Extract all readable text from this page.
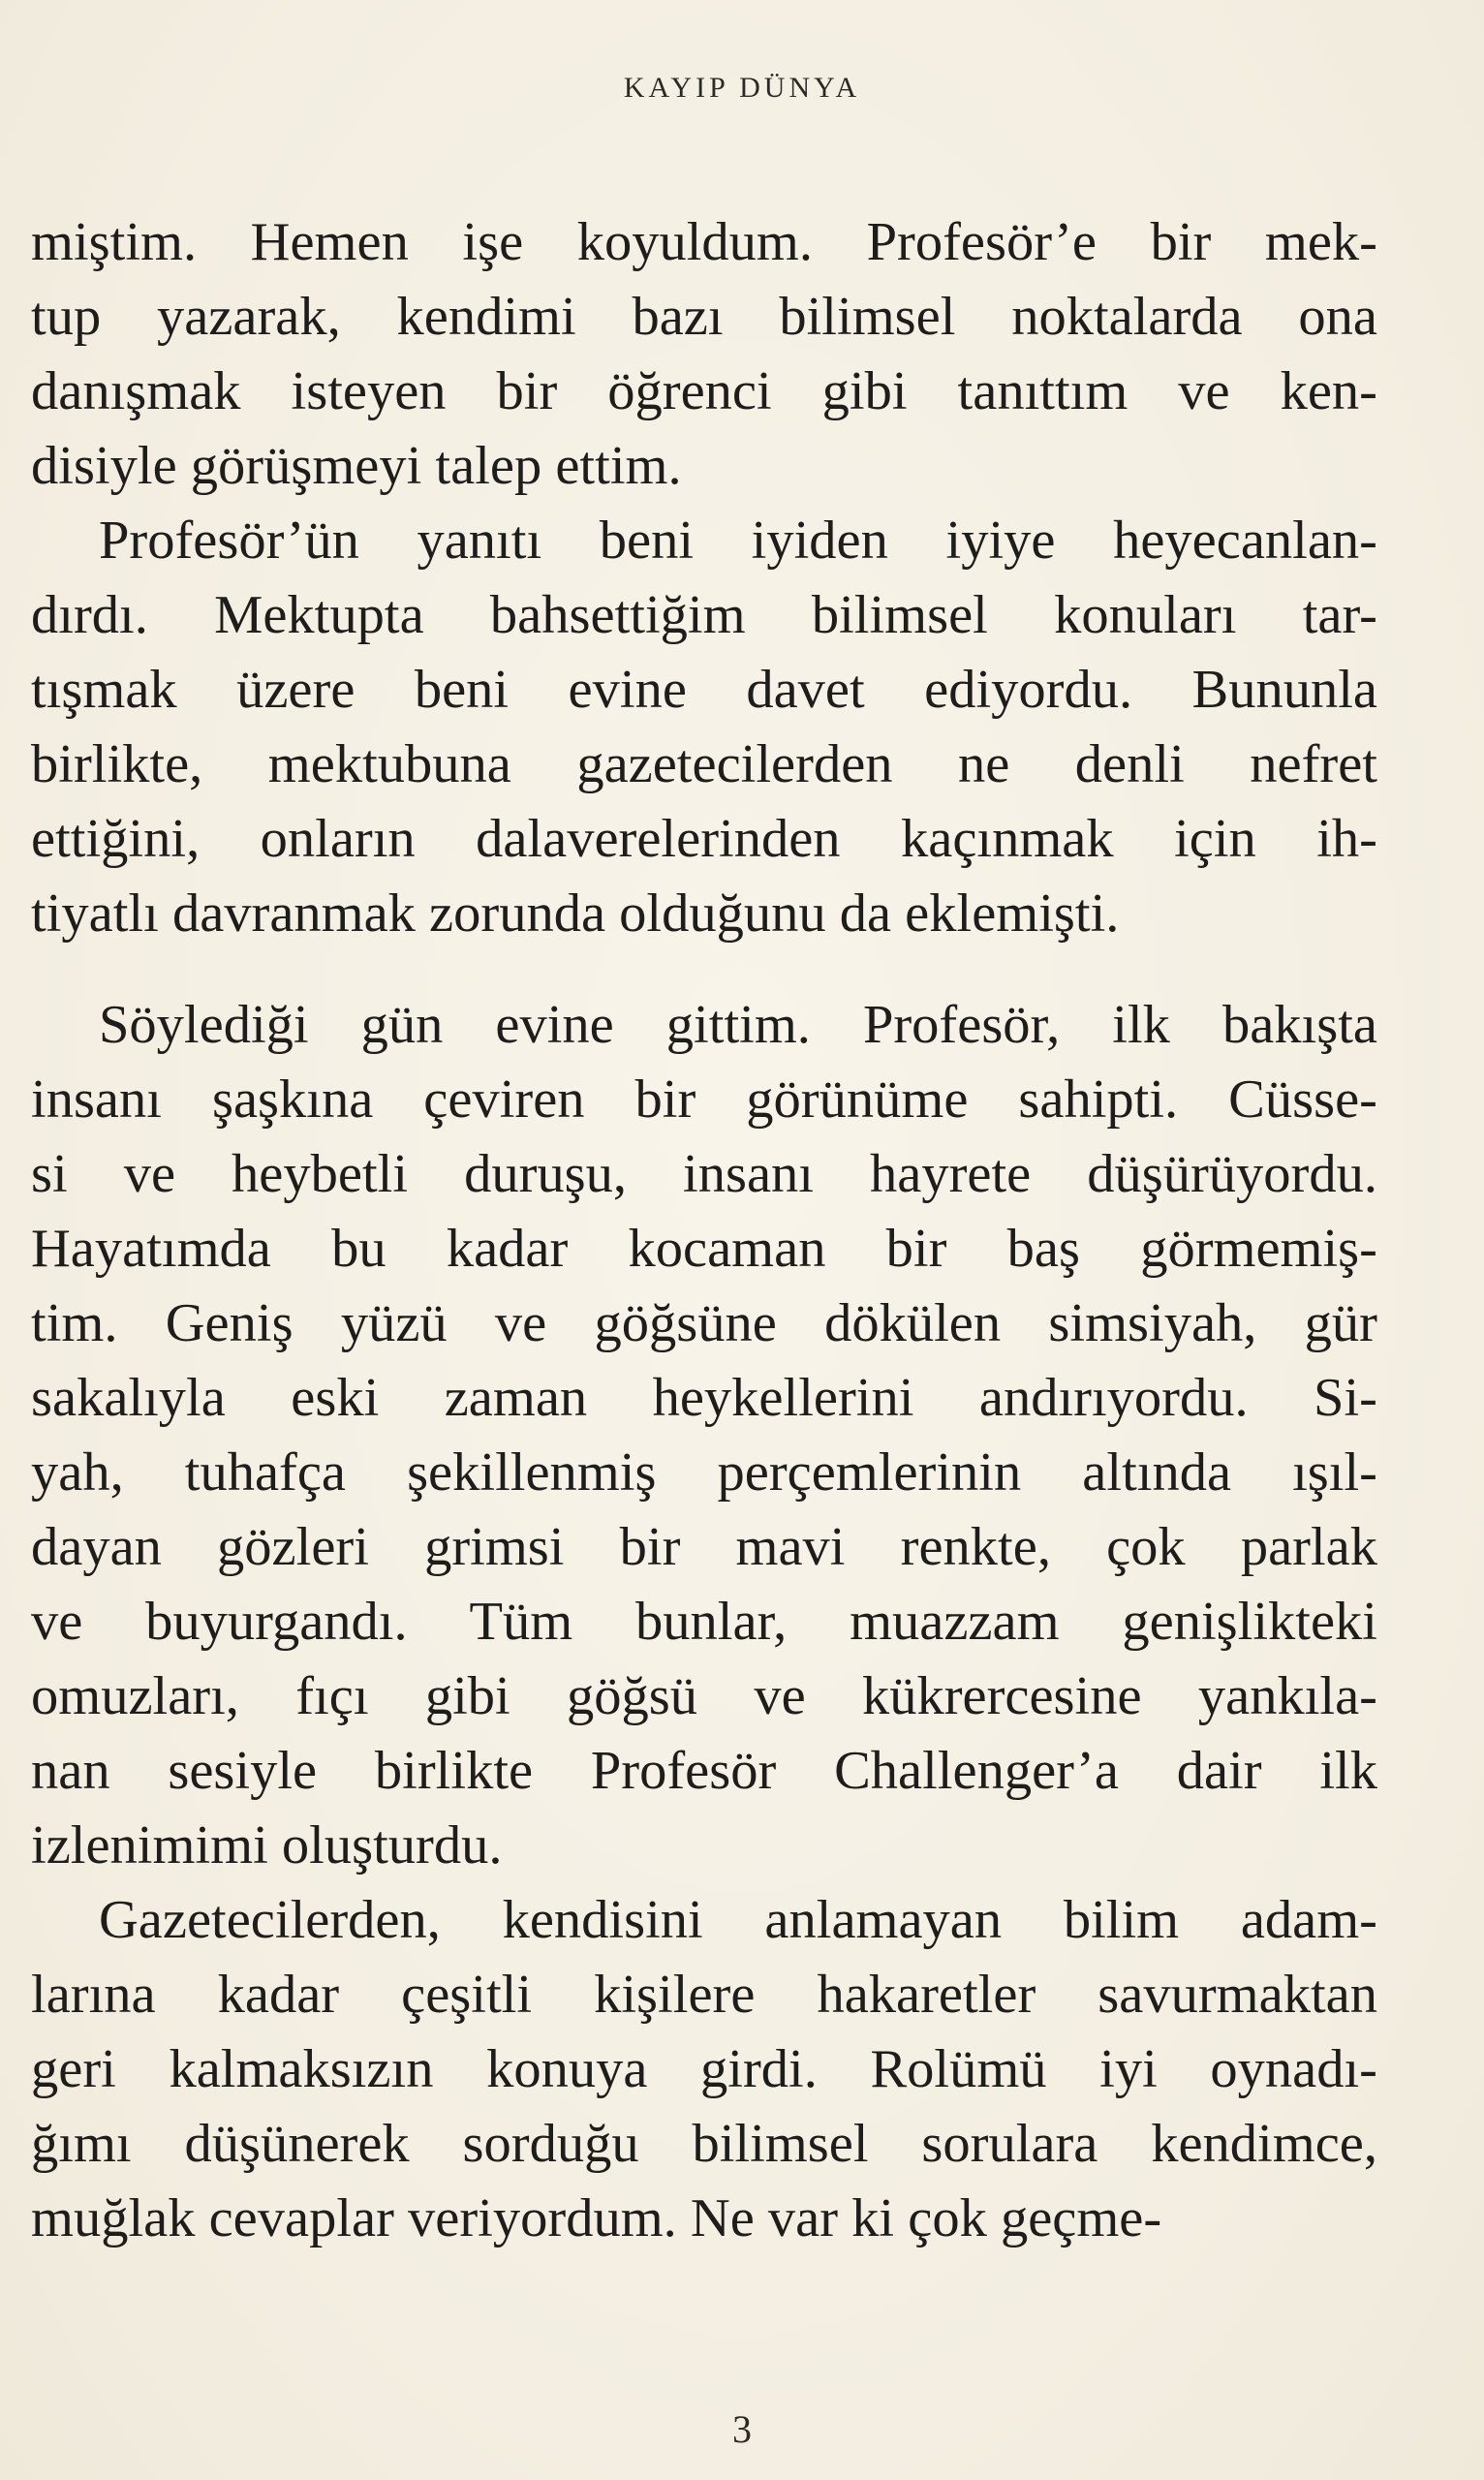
KAYIP DÜNYA
miştim. Hemen işe koyuldum. Profesör’e bir mek-
tup yazarak, kendimi bazı bilimsel noktalarda ona
danışmak isteyen bir öğrenci gibi tanıttım ve ken-
disiyle görüşmeyi talep ettim.
Profesör’ün yanıtı beni iyiden iyiye heyecanlan-
dırdı. Mektupta bahsettiğim bilimsel konuları tar-
tışmak üzere beni evine davet ediyordu. Bununla
birlikte, mektubuna gazetecilerden ne denli nefret
ettiğini, onların dalaverelerinden kaçınmak için ih-
tiyatlı davranmak zorunda olduğunu da eklemişti.
Söylediği gün evine gittim. Profesör, ilk bakışta
insanı şaşkına çeviren bir görünüme sahipti. Cüsse-
si ve heybetli duruşu, insanı hayrete düşürüyordu.
Hayatımda bu kadar kocaman bir baş görmemiş-
tim. Geniş yüzü ve göğsüne dökülen simsiyah, gür
sakalıyla eski zaman heykellerini andırıyordu. Si-
yah, tuhafça şekillenmiş perçemlerinin altında ışıl-
dayan gözleri grimsi bir mavi renkte, çok parlak
ve buyurgandı. Tüm bunlar, muazzam genişlikteki
omuzları, fıçı gibi göğsü ve kükrercesine yankıla-
nan sesiyle birlikte Profesör Challenger’a dair ilk
izlenimimi oluşturdu.
Gazetecilerden, kendisini anlamayan bilim adam-
larına kadar çeşitli kişilere hakaretler savurmaktan
geri kalmaksızın konuya girdi. Rolümü iyi oynadı-
ğımı düşünerek sorduğu bilimsel sorulara kendimce,
muğlak cevaplar veriyordum. Ne var ki çok geçme-
3
